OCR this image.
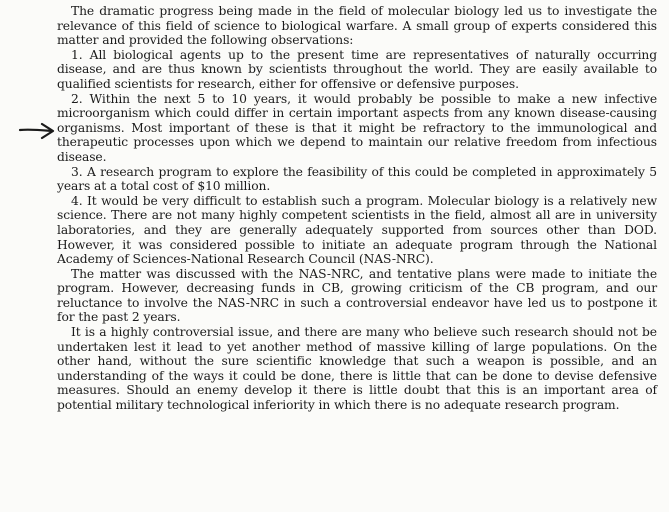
The dramatic progress being made in the field of molecular biology led us to investigate the relevance of this field of science to biological warfare. A small group of experts considered this matter and provided the following observations:

1. All biological agents up to the present time are representatives of naturally occurring disease, and are thus known by scientists throughout the world. They are easily available to qualified scientists for research, either for offensive or defensive purposes.

2. Within the next 5 to 10 years, it would probably be possible to make a new infective microorganism which could differ in certain important aspects from any known disease-causing organisms. Most important of these is that it might be refractory to the immunological and therapeutic processes upon which we depend to maintain our relative freedom from infectious disease.

3. A research program to explore the feasibility of this could be completed in approximately 5 years at a total cost of $10 million.

4. It would be very difficult to establish such a program. Molecular biology is a relatively new science. There are not many highly competent scientists in the field, almost all are in university laboratories, and they are generally adequately supported from sources other than DOD. However, it was considered possible to initiate an adequate program through the National Academy of Sciences-National Research Council (NAS-NRC).

The matter was discussed with the NAS-NRC, and tentative plans were made to initiate the program. However, decreasing funds in CB, growing criticism of the CB program, and our reluctance to involve the NAS-NRC in such a controversial endeavor have led us to postpone it for the past 2 years.

It is a highly controversial issue, and there are many who believe such research should not be undertaken lest it lead to yet another method of massive killing of large populations. On the other hand, without the sure scientific knowledge that such a weapon is possible, and an understanding of the ways it could be done, there is little that can be done to devise defensive measures. Should an enemy develop it there is little doubt that this is an important area of potential military technological inferiority in which there is no adequate research program.
